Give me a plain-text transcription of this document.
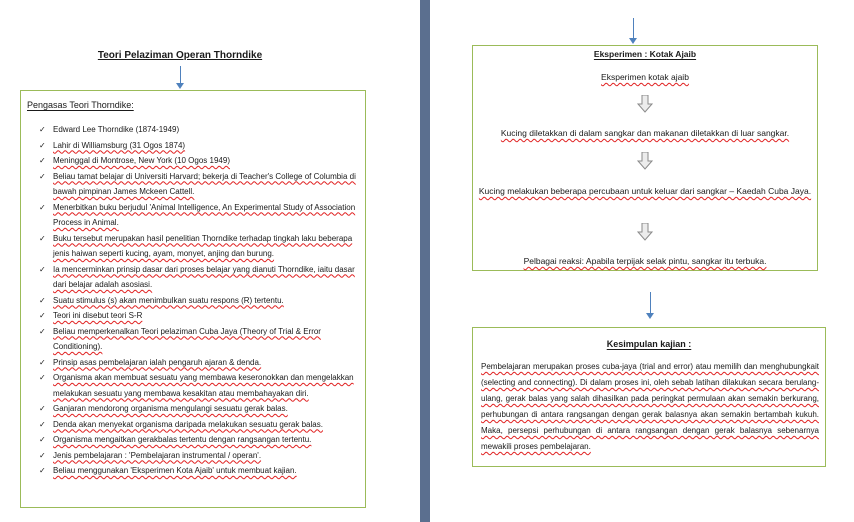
Teori Pelaziman Operan Thorndike
Pengasas Teori Thorndike:
✓ Edward Lee Thorndike (1874-1949)
✓ Lahir di Williamsburg (31 Ogos 1874)
✓ Meninggal di Montrose, New York (10 Ogos 1949)
✓ Beliau tamat belajar di Universiti Harvard; bekerja di Teacher's College of Columbia di bawah pimpinan James Mckeen Cattell.
✓ Menerbitkan buku berjudul 'Animal Intelligence, An Experimental Study of Association Process in Animal.
✓ Buku tersebut merupakan hasil penelitian Thorndike terhadap tingkah laku beberapa jenis haiwan seperti kucing, ayam, monyet, anjing dan burung.
✓ Ia mencerminkan prinsip dasar dari proses belajar yang dianuti Thorndike, iaitu dasar dari belajar adalah asosiasi.
✓ Suatu stimulus (s) akan menimbulkan suatu respons (R) tertentu.
✓ Teori ini disebut teori S-R
✓ Beliau memperkenalkan Teori pelaziman Cuba Jaya (Theory of Trial & Error Conditioning).
✓ Prinsip asas pembelajaran ialah pengaruh ajaran & denda.
✓ Organisma akan membuat sesuatu yang membawa keseronokkan dan mengelakkan melakukan sesuatu yang membawa kesakitan atau membahayakan diri.
✓ Ganjaran mendorong organisma mengulangi sesuatu gerak balas.
✓ Denda akan menyekat organisma daripada melakukan sesuatu gerak balas.
✓ Organisma mengaitkan gerakbalas tertentu dengan rangsangan tertentu.
✓ Jenis pembelajaran : 'Pembelajaran instrumental / operan'.
✓ Beliau menggunakan 'Eksperimen Kota Ajaib' untuk membuat kajian.
Eksperimen : Kotak Ajaib
Eksperimen kotak ajaib
Kucing diletakkan di dalam sangkar dan makanan diletakkan di luar sangkar.
Kucing melakukan beberapa percubaan untuk keluar dari sangkar – Kaedah Cuba Jaya.
Pelbagai reaksi: Apabila terpijak selak pintu, sangkar itu terbuka.
Kesimpulan kajian :
Pembelajaran merupakan proses cuba-jaya (trial and error) atau memilih dan menghubungkait (selecting and connecting). Di dalam proses ini, oleh sebab latihan dilakukan secara berulang-ulang, gerak balas yang salah dihasilkan pada peringkat permulaan akan semakin berkurang, perhubungan di antara rangsangan dengan gerak balasnya akan semakin bertambah kukuh. Maka, persepsi perhubungan di antara rangsangan dengan gerak balasnya sebenarnya mewakili proses pembelajaran.
